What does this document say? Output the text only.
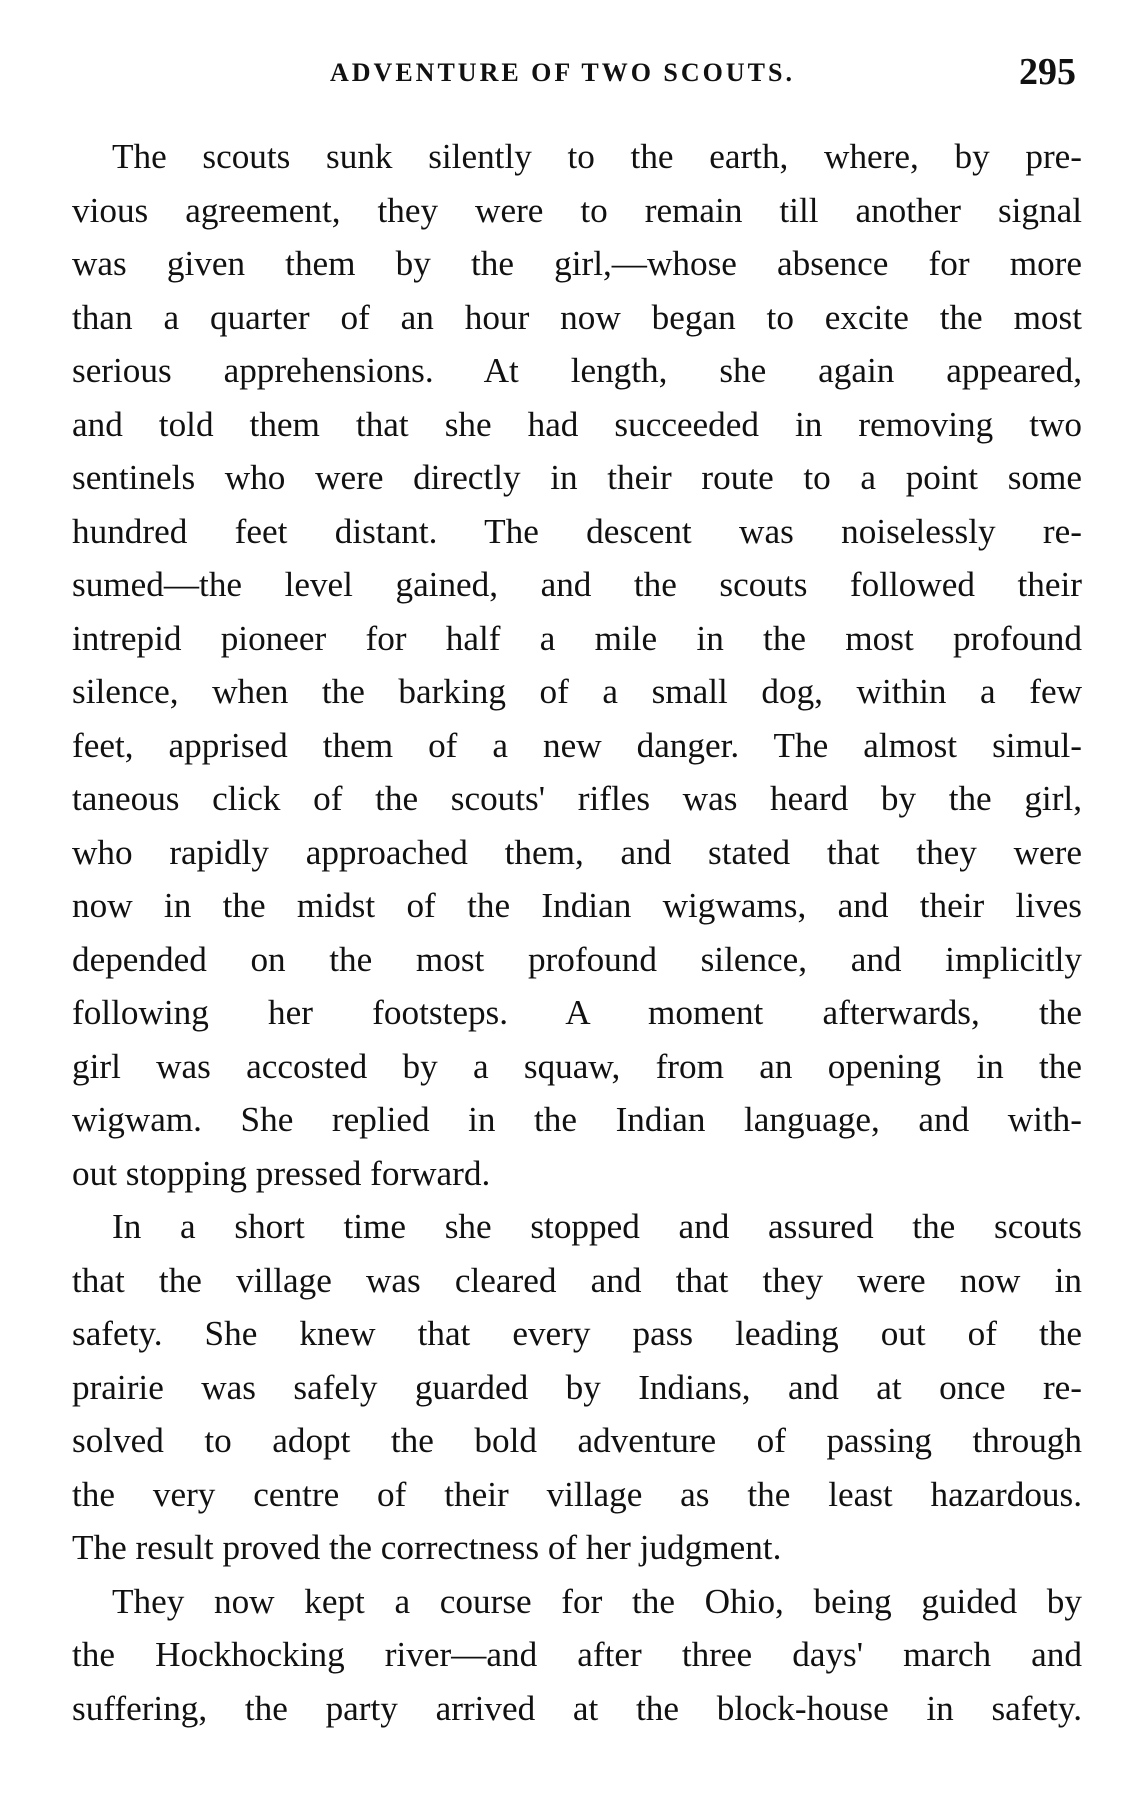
ADVENTURE OF TWO SCOUTS.	295
The scouts sunk silently to the earth, where, by pre-
vious agreement, they were to remain till another signal
was given them by the girl,—whose absence for more
than a quarter of an hour now began to excite the most
serious apprehensions. At length, she again appeared,
and told them that she had succeeded in removing two
sentinels who were directly in their route to a point some
hundred feet distant. The descent was noiselessly re-
sumed—the level gained, and the scouts followed their
intrepid pioneer for half a mile in the most profound
silence, when the barking of a small dog, within a few
feet, apprised them of a new danger. The almost simul-
taneous click of the scouts' rifles was heard by the girl,
who rapidly approached them, and stated that they were
now in the midst of the Indian wigwams, and their lives
depended on the most profound silence, and implicitly
following her footsteps. A moment afterwards, the
girl was accosted by a squaw, from an opening in the
wigwam. She replied in the Indian language, and with-
out stopping pressed forward.
In a short time she stopped and assured the scouts
that the village was cleared and that they were now in
safety. She knew that every pass leading out of the
prairie was safely guarded by Indians, and at once re-
solved to adopt the bold adventure of passing through
the very centre of their village as the least hazardous.
The result proved the correctness of her judgment.
They now kept a course for the Ohio, being guided by
the Hockhocking river—and after three days' march and
suffering, the party arrived at the block-house in safety.
